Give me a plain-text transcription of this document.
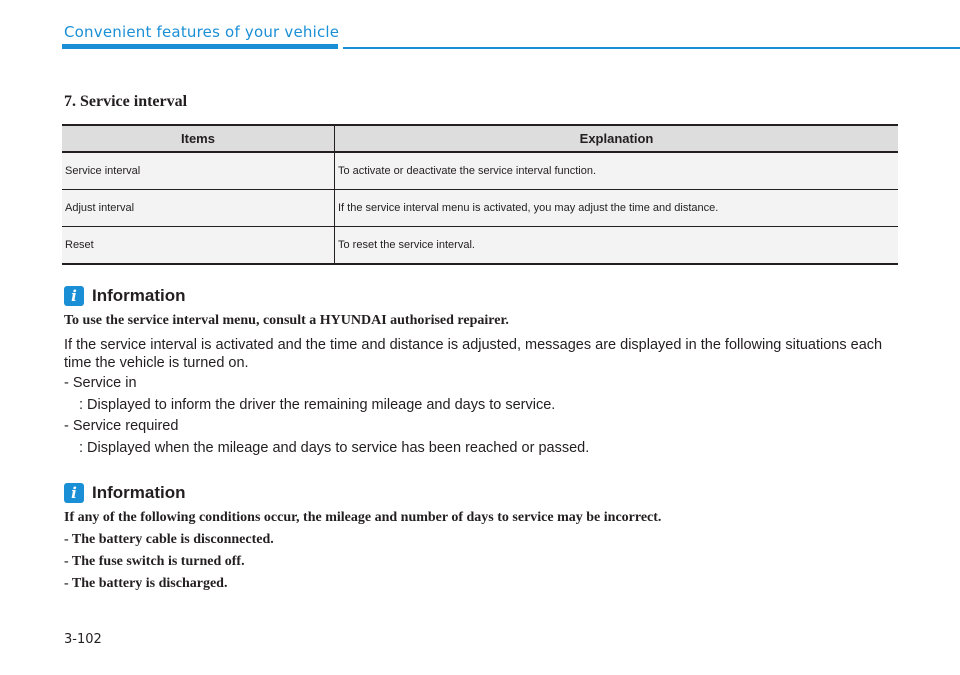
Convenient features of your vehicle
7. Service interval
Items	Explanation
Service interval	To activate or deactivate the service interval function.
Adjust interval	If the service interval menu is activated, you may adjust the time and distance.
Reset	To reset the service interval.
i Information
To use the service interval menu, consult a HYUNDAI authorised repairer.
If the service interval is activated and the time and distance is adjusted, messages are displayed in the following situations each time the vehicle is turned on.
- Service in
: Displayed to inform the driver the remaining mileage and days to service.
- Service required
: Displayed when the mileage and days to service has been reached or passed.
i Information
If any of the following conditions occur, the mileage and number of days to service may be incorrect.
- The battery cable is disconnected.
- The fuse switch is turned off.
- The battery is discharged.
3-102
